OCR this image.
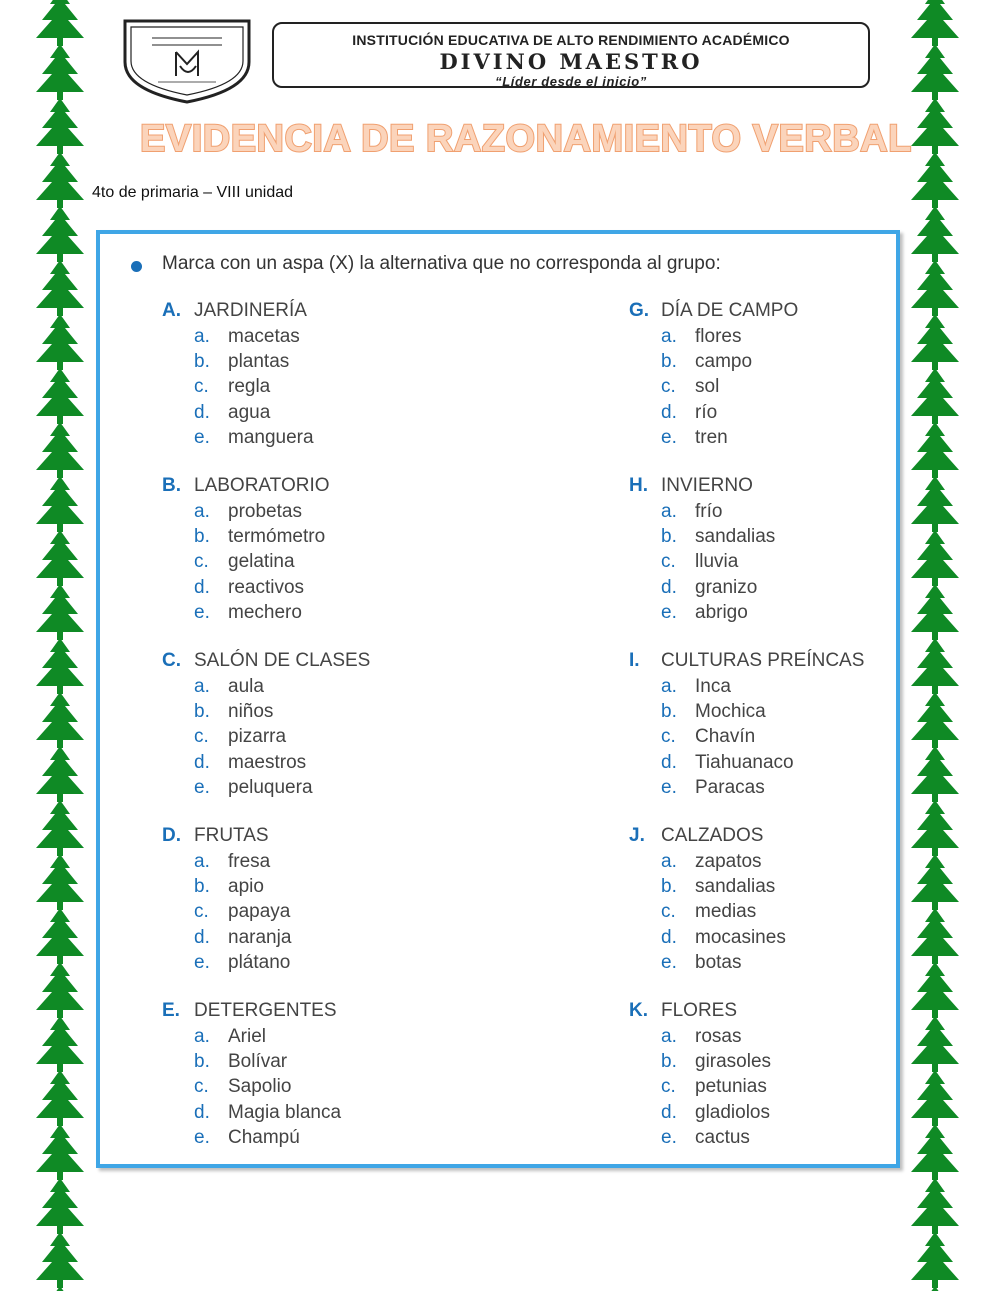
INSTITUCIÓN EDUCATIVA DE ALTO RENDIMIENTO ACADÉMICO
DIVINO MAESTRO
“Líder desde el inicio”
EVIDENCIA DE RAZONAMIENTO VERBAL
4to de primaria – VIII unidad
Marca con un aspa (X) la alternativa que no corresponda al grupo:
A. JARDINERÍA
a. macetas
b. plantas
c. regla
d. agua
e. manguera
B. LABORATORIO
a. probetas
b. termómetro
c. gelatina
d. reactivos
e. mechero
C. SALÓN DE CLASES
a. aula
b. niños
c. pizarra
d. maestros
e. peluquera
D. FRUTAS
a. fresa
b. apio
c. papaya
d. naranja
e. plátano
E. DETERGENTES
a. Ariel
b. Bolívar
c. Sapolio
d. Magia blanca
e. Champú
G. DÍA DE CAMPO
a. flores
b. campo
c. sol
d. río
e. tren
H. INVIERNO
a. frío
b. sandalias
c. lluvia
d. granizo
e. abrigo
I. CULTURAS PREÍNCAS
a. Inca
b. Mochica
c. Chavín
d. Tiahuanaco
e. Paracas
J. CALZADOS
a. zapatos
b. sandalias
c. medias
d. mocasines
e. botas
K. FLORES
a. rosas
b. girasoles
c. petunias
d. gladiolos
e. cactus
